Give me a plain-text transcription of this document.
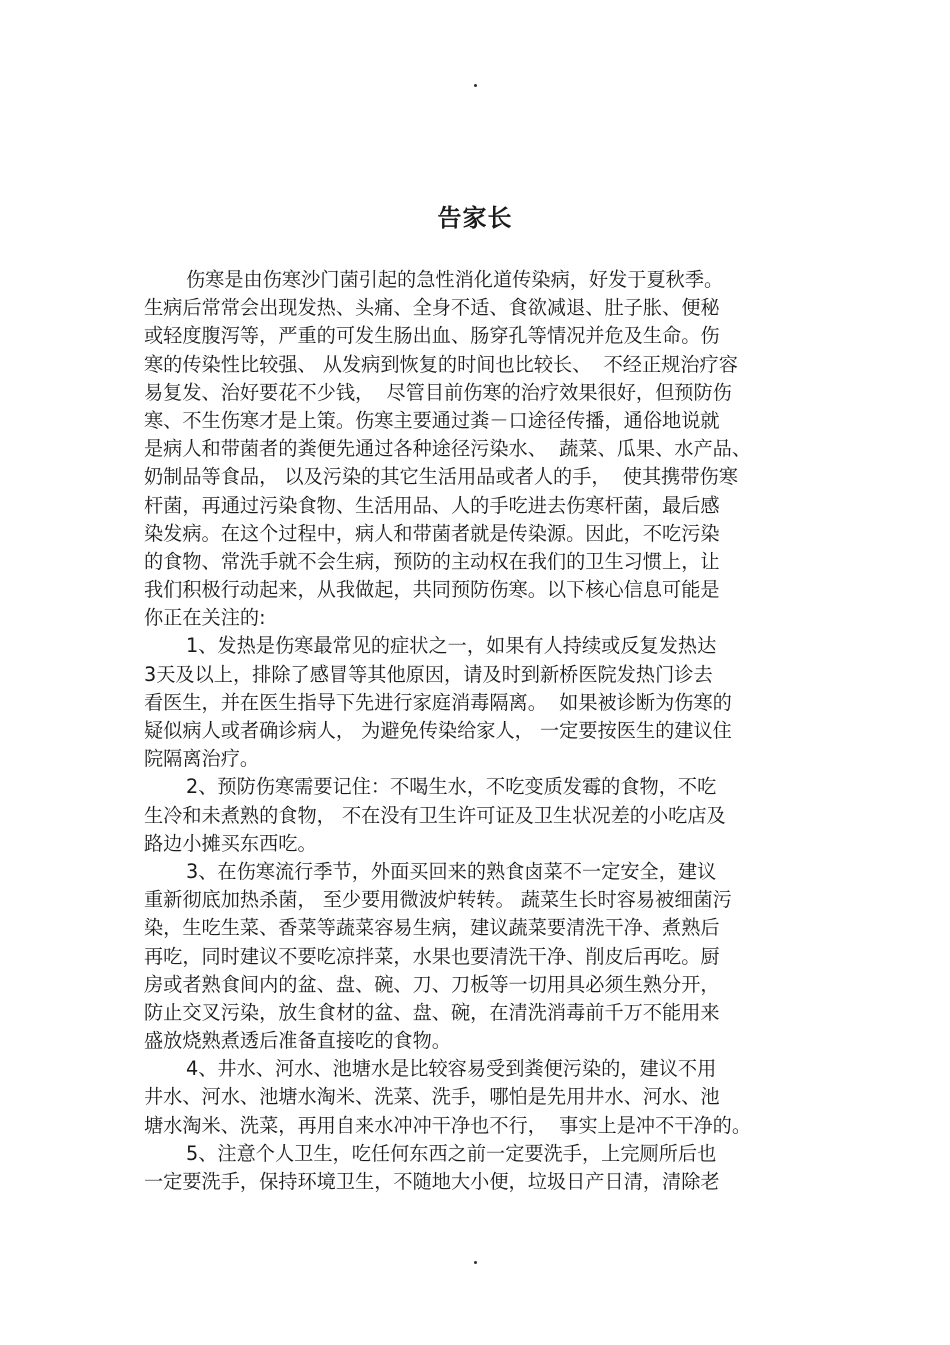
告家长
伤寒是由伤寒沙门菌引起的急性消化道传染病，好发于夏秋季。
生病后常常会出现发热、头痛、全身不适、食欲减退、肚子胀、便秘
或轻度腹泻等，严重的可发生肠出血、肠穿孔等情况并危及生命。伤
寒的传染性比较强、 从发病到恢复的时间也比较长、  不经正规治疗容
易复发、治好要花不少钱，  尽管目前伤寒的治疗效果很好，但预防伤
寒、不生伤寒才是上策。伤寒主要通过粪－口途径传播，通俗地说就
是病人和带菌者的粪便先通过各种途径污染水、  蔬菜、瓜果、水产品、
奶制品等食品， 以及污染的其它生活用品或者人的手，  使其携带伤寒
杆菌，再通过污染食物、生活用品、人的手吃进去伤寒杆菌，最后感
染发病。在这个过程中，病人和带菌者就是传染源。因此，不吃污染
的食物、常洗手就不会生病，预防的主动权在我们的卫生习惯上，让
我们积极行动起来，从我做起，共同预防伤寒。以下核心信息可能是
你正在关注的:
1、发热是伤寒最常见的症状之一，如果有人持续或反复发热达
3天及以上，排除了感冒等其他原因，请及时到新桥医院发热门诊去
看医生，并在医生指导下先进行家庭消毒隔离。  如果被诊断为伤寒的
疑似病人或者确诊病人， 为避免传染给家人， 一定要按医生的建议住
院隔离治疗。
2、预防伤寒需要记住：不喝生水，不吃变质发霉的食物，不吃
生冷和未煮熟的食物， 不在没有卫生许可证及卫生状况差的小吃店及
路边小摊买东西吃。
3、在伤寒流行季节，外面买回来的熟食卤菜不一定安全，建议
重新彻底加热杀菌， 至少要用微波炉转转。 蔬菜生长时容易被细菌污
染，生吃生菜、香菜等蔬菜容易生病，建议蔬菜要清洗干净、煮熟后
再吃，同时建议不要吃凉拌菜，水果也要清洗干净、削皮后再吃。厨
房或者熟食间内的盆、盘、碗、刀、刀板等一切用具必须生熟分开，
防止交叉污染，放生食材的盆、盘、碗，在清洗消毒前千万不能用来
盛放烧熟煮透后准备直接吃的食物。
4、井水、河水、池塘水是比较容易受到粪便污染的，建议不用
井水、河水、池塘水淘米、洗菜、洗手，哪怕是先用井水、河水、池
塘水淘米、洗菜，再用自来水冲冲干净也不行，  事实上是冲不干净的。
5、注意个人卫生，吃任何东西之前一定要洗手，上完厕所后也
一定要洗手，保持环境卫生，不随地大小便，垃圾日产日清，清除老
